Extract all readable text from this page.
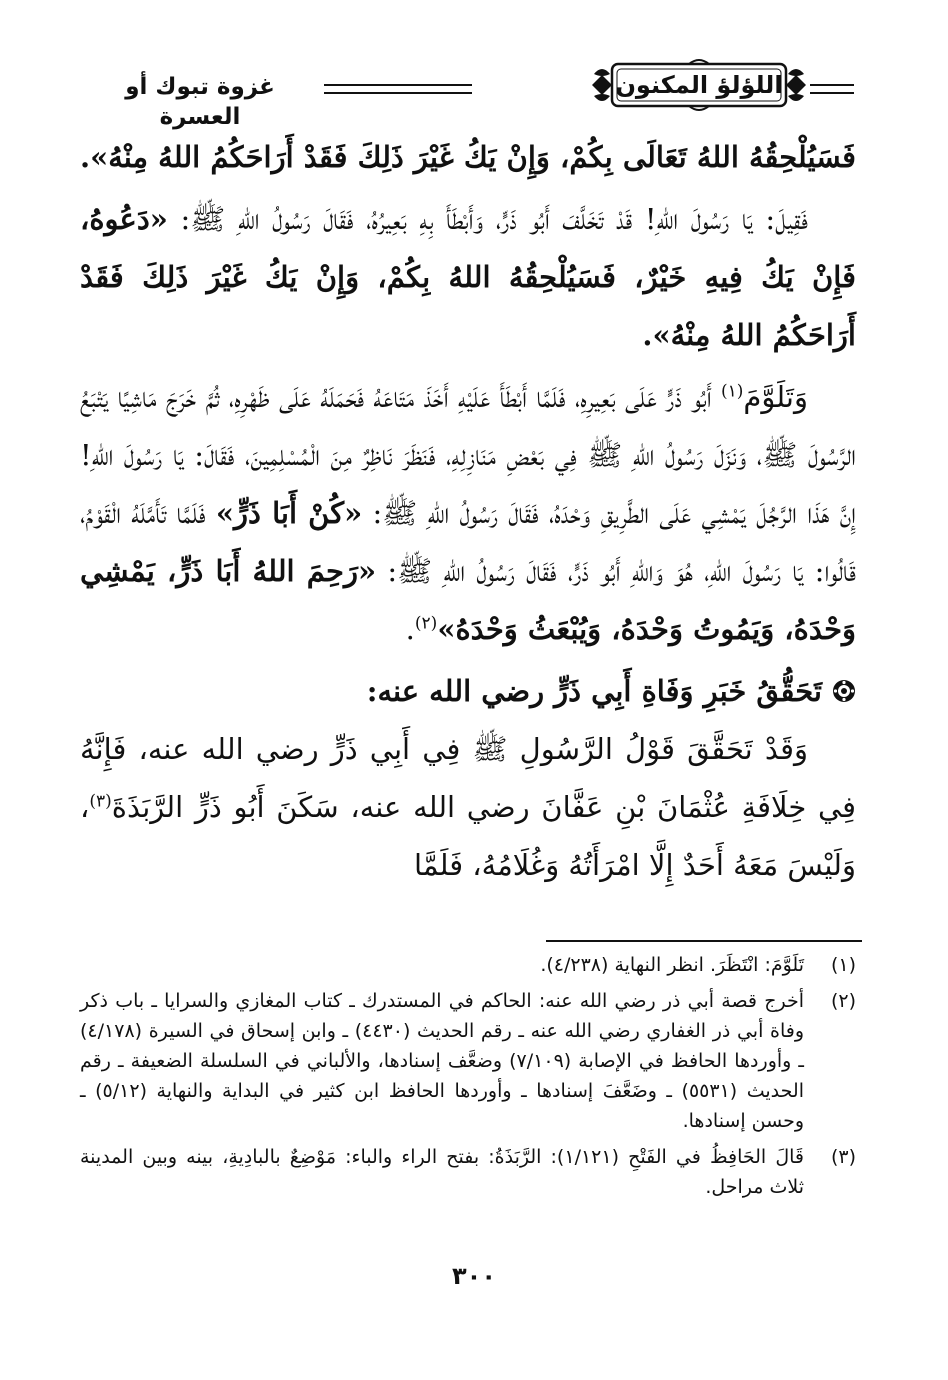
اللؤلؤ المكنون
غزوة تبوك أو العسرة

فَسَيُلْحِقُهُ اللهُ تَعَالَى بِكُمْ، وَإِنْ يَكُ غَيْرَ ذَلِكَ فَقَدْ أَرَاحَكُمُ اللهُ مِنْهُ».

فَقِيلَ: يَا رَسُولَ اللهِ! قَدْ تَخَلَّفَ أَبُو ذَرٍّ، وَأَبْطَأَ بِهِ بَعِيرُهُ، فَقَالَ رَسُولُ اللهِ ﷺ: «دَعُوهُ، فَإِنْ يَكُ فِيهِ خَيْرٌ، فَسَيُلْحِقُهُ اللهُ بِكُمْ، وَإِنْ يَكُ غَيْرَ ذَلِكَ فَقَدْ أَرَاحَكُمُ اللهُ مِنْهُ».

وَتَلَوَّمَ$^{(١)}$ أَبُو ذَرٍّ عَلَى بَعِيرِهِ، فَلَمَّا أَبْطَأَ عَلَيْهِ أَخَذَ مَتَاعَهُ فَحَمَلَهُ عَلَى ظَهْرِهِ، ثُمَّ خَرَجَ مَاشِيًا يَتْبَعُ الرَّسُولَ ﷺ، وَنَزَلَ رَسُولُ اللهِ ﷺ فِي بَعْضِ مَنَازِلِهِ، فَنَظَرَ نَاظِرٌ مِنَ الْمُسْلِمِينَ، فَقَالَ: يَا رَسُولَ اللهِ! إِنَّ هَذَا الرَّجُلَ يَمْشِي عَلَى الطَّرِيقِ وَحْدَهُ، فَقَالَ رَسُولُ اللهِ ﷺ: «كُنْ أَبَا ذَرٍّ» فَلَمَّا تَأَمَّلَهُ الْقَوْمُ، قَالُوا: يَا رَسُولَ اللهِ، هُوَ وَاللهِ أَبُو ذَرٍّ، فَقَالَ رَسُولُ اللهِ ﷺ: «رَحِمَ اللهُ أَبَا ذَرٍّ، يَمْشِي وَحْدَهُ، وَيَمُوتُ وَحْدَهُ، وَيُبْعَثُ وَحْدَهُ»$^{(٢)}$.

تَحَقُّقُ خَبَرِ وَفَاةِ أَبِي ذَرٍّ رضي الله عنه:

وَقَدْ تَحَقَّقَ قَوْلُ الرَّسُولِ ﷺ فِي أَبِي ذَرٍّ رضي الله عنه، فَإِنَّهُ فِي خِلَافَةِ عُثْمَانَ بْنِ عَفَّانَ رضي الله عنه، سَكَنَ أَبُو ذَرٍّ الرَّبَذَةَ$^{(٣)}$، وَلَيْسَ مَعَهُ أَحَدٌ إِلَّا امْرَأَتُهُ وَغُلَامُهُ، فَلَمَّا

(١)
تَلَوَّمَ: انْتَظَرَ. انظر النهاية (٤/٢٣٨).
(٢)
أخرج قصة أبي ذر رضي الله عنه: الحاكم في المستدرك ـ كتاب المغازي والسرايا ـ باب ذكر وفاة أبي ذر الغفاري رضي الله عنه ـ رقم الحديث (٤٤٣٠) ـ وابن إسحاق في السيرة (٤/١٧٨) ـ وأوردها الحافظ في الإصابة (٧/١٠٩) وضعَّف إسنادها، والألباني في السلسلة الضعيفة ـ رقم الحديث (٥٥٣١) ـ وضَعَّفَ إسنادها ـ وأوردها الحافظ ابن كثير في البداية والنهاية (٥/١٢) ـ وحسن إسنادها.
(٣)
قَالَ الحَافِظُ في الفَتْحِ (١/١٢١): الرَّبَذَةُ: بفتح الراء والباء: مَوْضِعٌ بالبادِيةِ، بينه وبين المدينة ثلاث مراحل.
٣٠٠
